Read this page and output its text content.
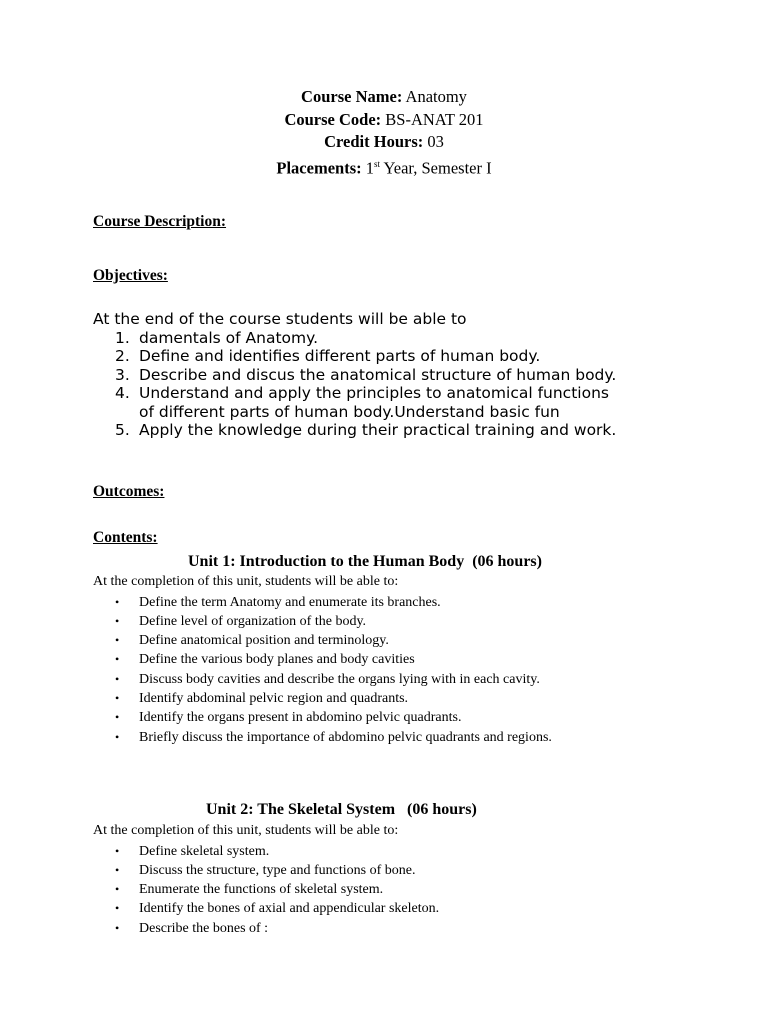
Course Name: Anatomy
Course Code: BS-ANAT 201
Credit Hours: 03
Placements: 1st Year, Semester I
Course Description:
Objectives:
At the end of the course students will be able to
1. damentals of Anatomy.
2. Define and identifies different parts of human body.
3. Describe and discus the anatomical structure of human body.
4. Understand and apply the principles to anatomical functions
of different parts of human body.Understand basic fun
5. Apply the knowledge during their practical training and work.
Outcomes:
Contents:
Unit 1: Introduction to the Human Body  (06 hours)
At the completion of this unit, students will be able to:
• Define the term Anatomy and enumerate its branches.
• Define level of organization of the body.
• Define anatomical position and terminology.
• Define the various body planes and body cavities
• Discuss body cavities and describe the organs lying with in each cavity.
• Identify abdominal pelvic region and quadrants.
• Identify the organs present in abdomino pelvic quadrants.
• Briefly discuss the importance of abdomino pelvic quadrants and regions.
Unit 2: The Skeletal System   (06 hours)
At the completion of this unit, students will be able to:
• Define skeletal system.
• Discuss the structure, type and functions of bone.
• Enumerate the functions of skeletal system.
• Identify the bones of axial and appendicular skeleton.
• Describe the bones of :
